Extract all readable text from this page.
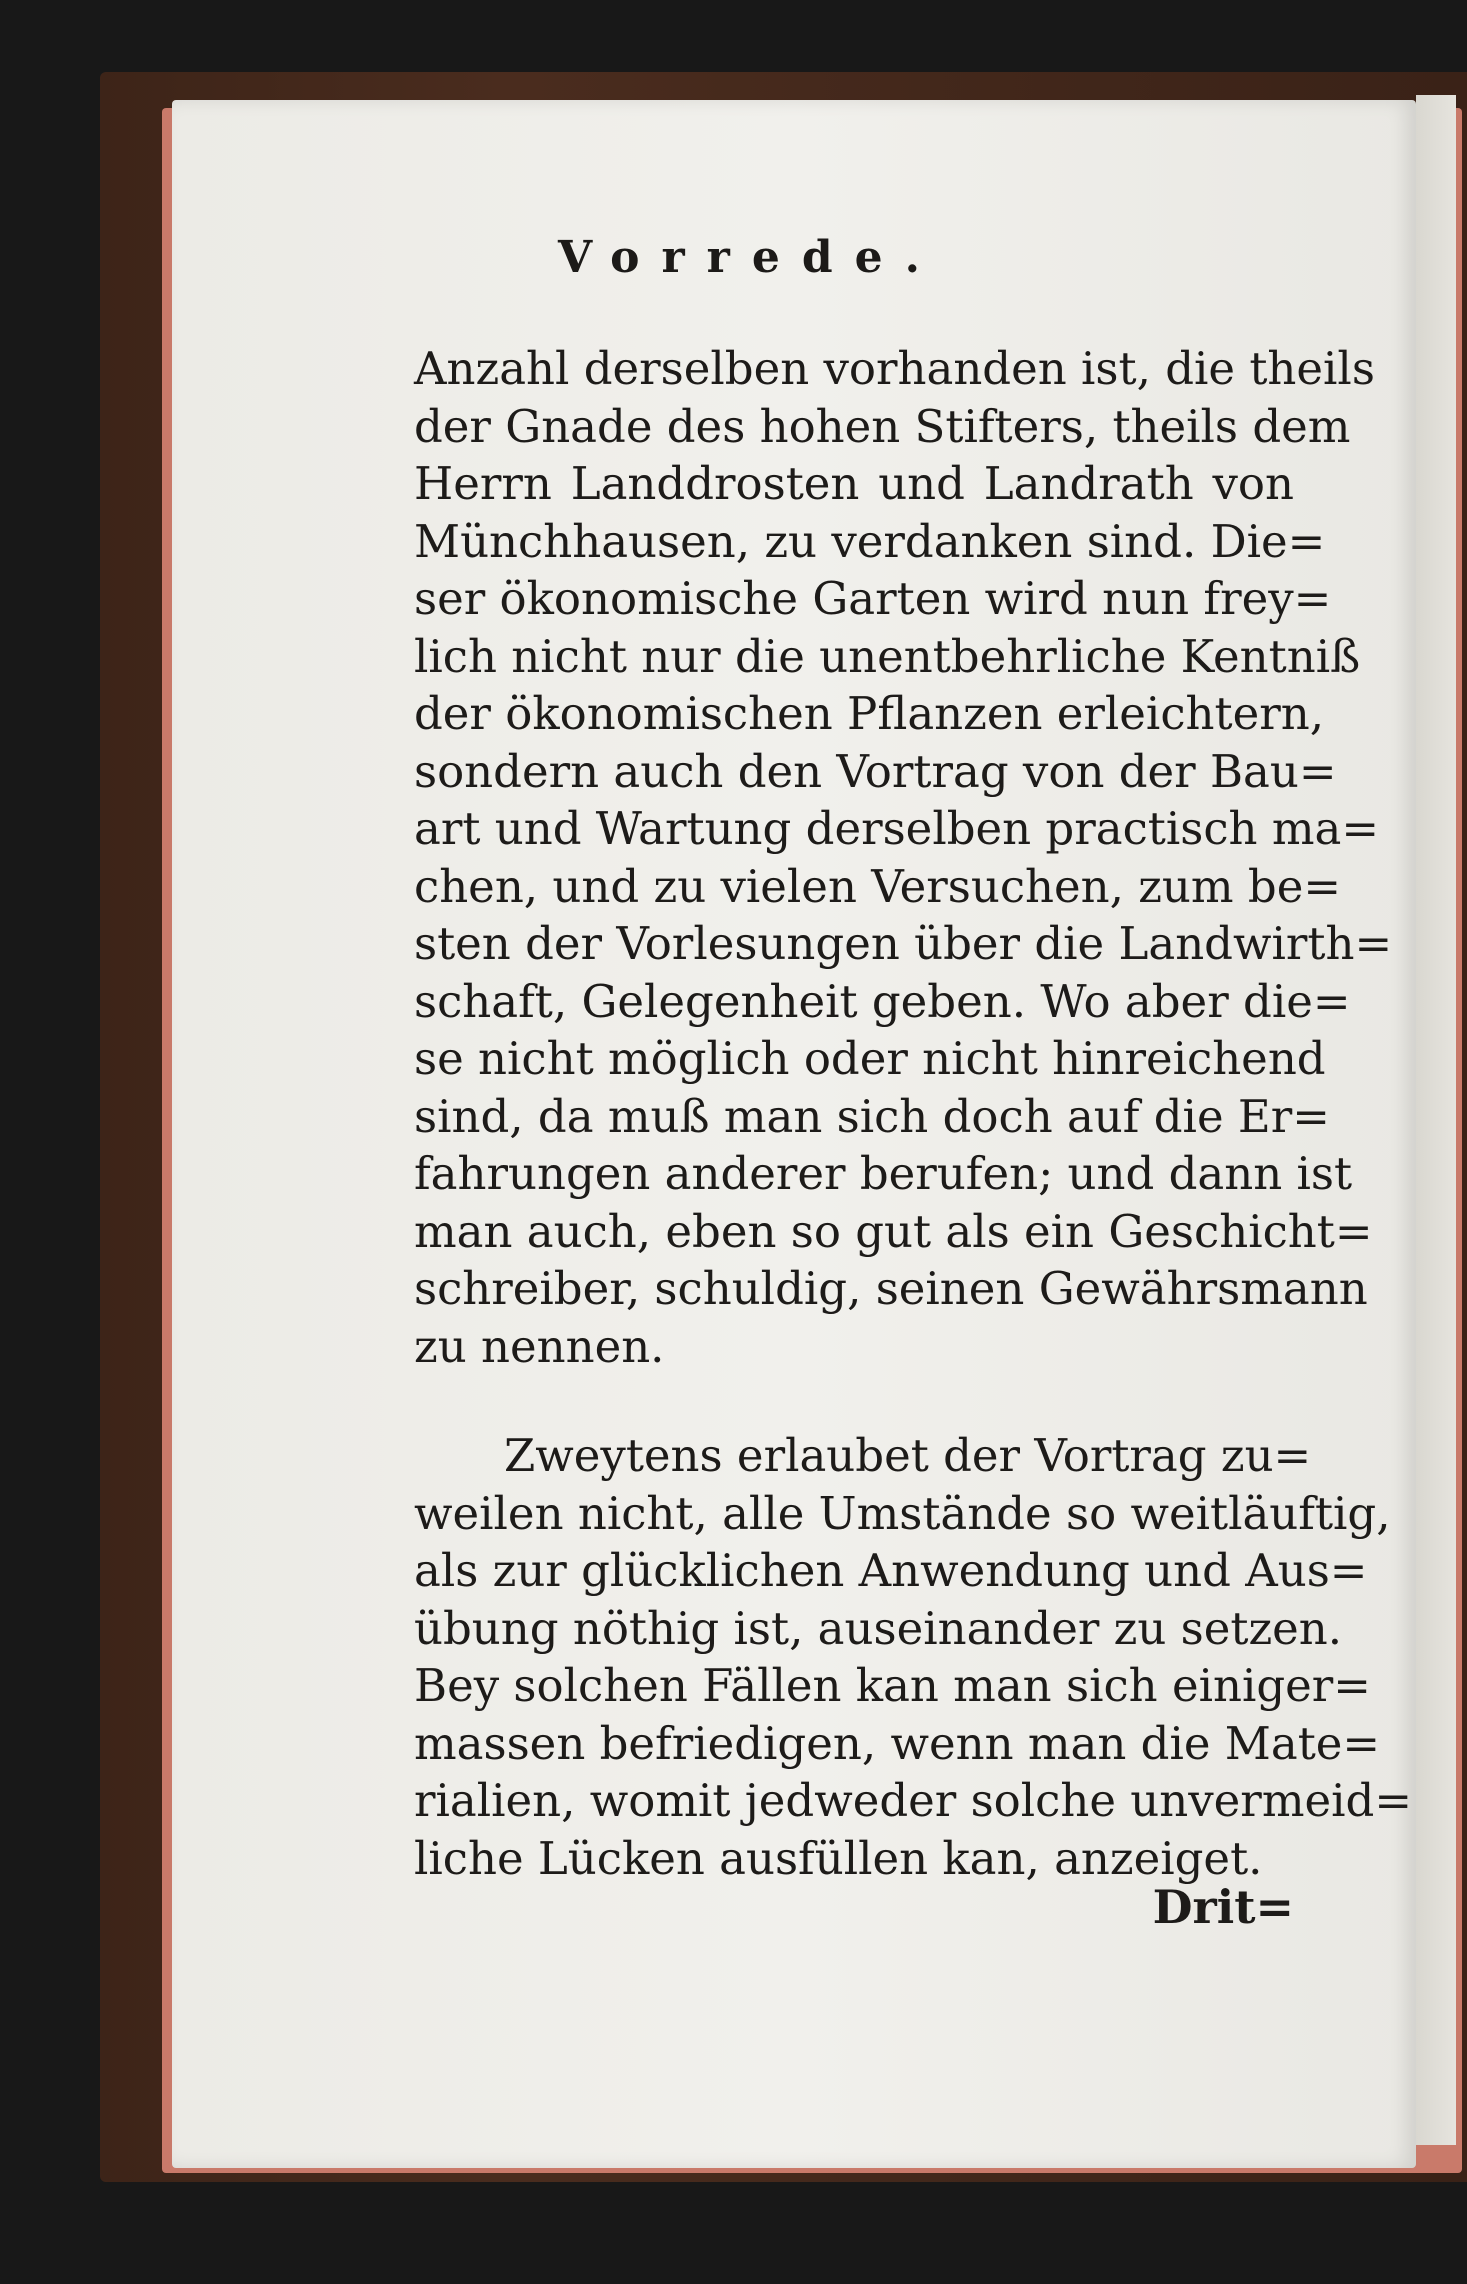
Vorrede.
Anzahl derselben vorhanden ist, die theils
der Gnade des hohen Stifters, theils dem
Herrn Landdrosten und Landrath von
Münchhausen, zu verdanken sind. Die=
ser ökonomische Garten wird nun frey=
lich nicht nur die unentbehrliche Kentniß
der ökonomischen Pflanzen erleichtern,
sondern auch den Vortrag von der Bau=
art und Wartung derselben practisch ma=
chen, und zu vielen Versuchen, zum be=
sten der Vorlesungen über die Landwirth=
schaft, Gelegenheit geben. Wo aber die=
se nicht möglich oder nicht hinreichend
sind, da muß man sich doch auf die Er=
fahrungen anderer berufen; und dann ist
man auch, eben so gut als ein Geschicht=
schreiber, schuldig, seinen Gewährsmann
zu nennen.
Zweytens erlaubet der Vortrag zu=
weilen nicht, alle Umstände so weitläuftig,
als zur glücklichen Anwendung und Aus=
übung nöthig ist, auseinander zu setzen.
Bey solchen Fällen kan man sich einiger=
massen befriedigen, wenn man die Mate=
rialien, womit jedweder solche unvermeid=
liche Lücken ausfüllen kan, anzeiget.
Drit=
